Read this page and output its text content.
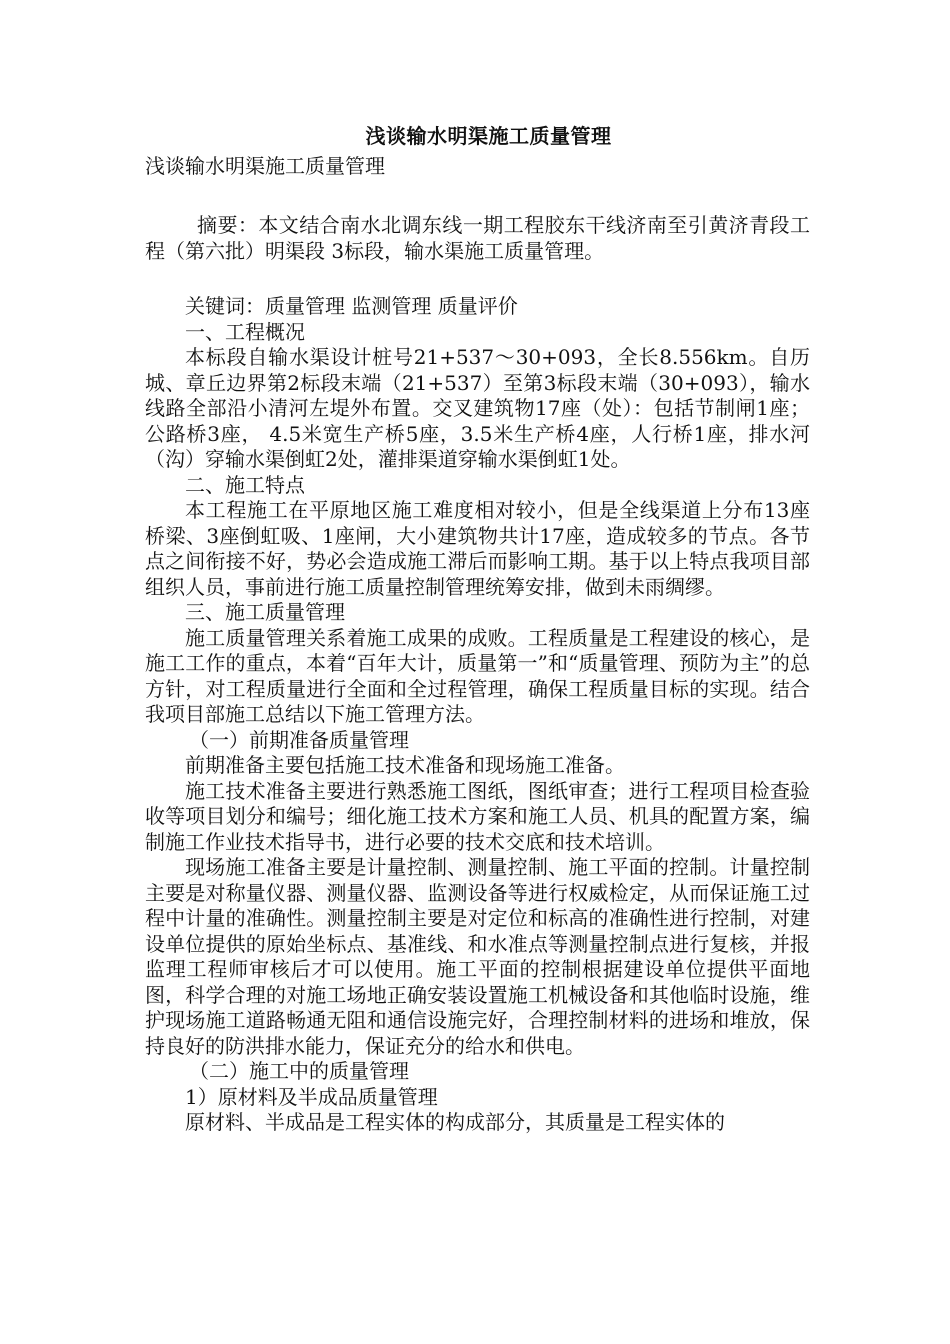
浅谈输水明渠施工质量管理

浅谈输水明渠施工质量管理

摘要：本文结合南水北调东线一期工程胶东干线济南至引黄济青段工程（第六批）明渠段 3标段，输水渠施工质量管理。

关键词：质量管理 监测管理 质量评价

一、工程概况

本标段自输水渠设计桩号21+537～30+093，全长8.556km。自历城、章丘边界第2标段末端（21+537）至第3标段末端（30+093），输水线路全部沿小清河左堤外布置。交叉建筑物17座（处）：包括节制闸1座；公路桥3座， 4.5米宽生产桥5座，3.5米生产桥4座，人行桥1座，排水河（沟）穿输水渠倒虹2处，灌排渠道穿输水渠倒虹1处。

二、施工特点

本工程施工在平原地区施工难度相对较小，但是全线渠道上分布13座桥梁、3座倒虹吸、1座闸，大小建筑物共计17座，造成较多的节点。各节点之间衔接不好，势必会造成施工滞后而影响工期。基于以上特点我项目部组织人员，事前进行施工质量控制管理统筹安排，做到未雨绸缪。

三、施工质量管理

施工质量管理关系着施工成果的成败。工程质量是工程建设的核心，是施工工作的重点，本着“百年大计，质量第一”和“质量管理、预防为主”的总方针，对工程质量进行全面和全过程管理，确保工程质量目标的实现。结合我项目部施工总结以下施工管理方法。

（一）前期准备质量管理

前期准备主要包括施工技术准备和现场施工准备。

施工技术准备主要进行熟悉施工图纸，图纸审查；进行工程项目检查验收等项目划分和编号；细化施工技术方案和施工人员、机具的配置方案，编制施工作业技术指导书，进行必要的技术交底和技术培训。

现场施工准备主要是计量控制、测量控制、施工平面的控制。计量控制主要是对称量仪器、测量仪器、监测设备等进行权威检定，从而保证施工过程中计量的准确性。测量控制主要是对定位和标高的准确性进行控制，对建设单位提供的原始坐标点、基准线、和水准点等测量控制点进行复核，并报监理工程师审核后才可以使用。施工平面的控制根据建设单位提供平面地图，科学合理的对施工场地正确安装设置施工机械设备和其他临时设施，维护现场施工道路畅通无阻和通信设施完好，合理控制材料的进场和堆放，保持良好的防洪排水能力，保证充分的给水和供电。

（二）施工中的质量管理

1）原材料及半成品质量管理

原材料、半成品是工程实体的构成部分，其质量是工程实体的
